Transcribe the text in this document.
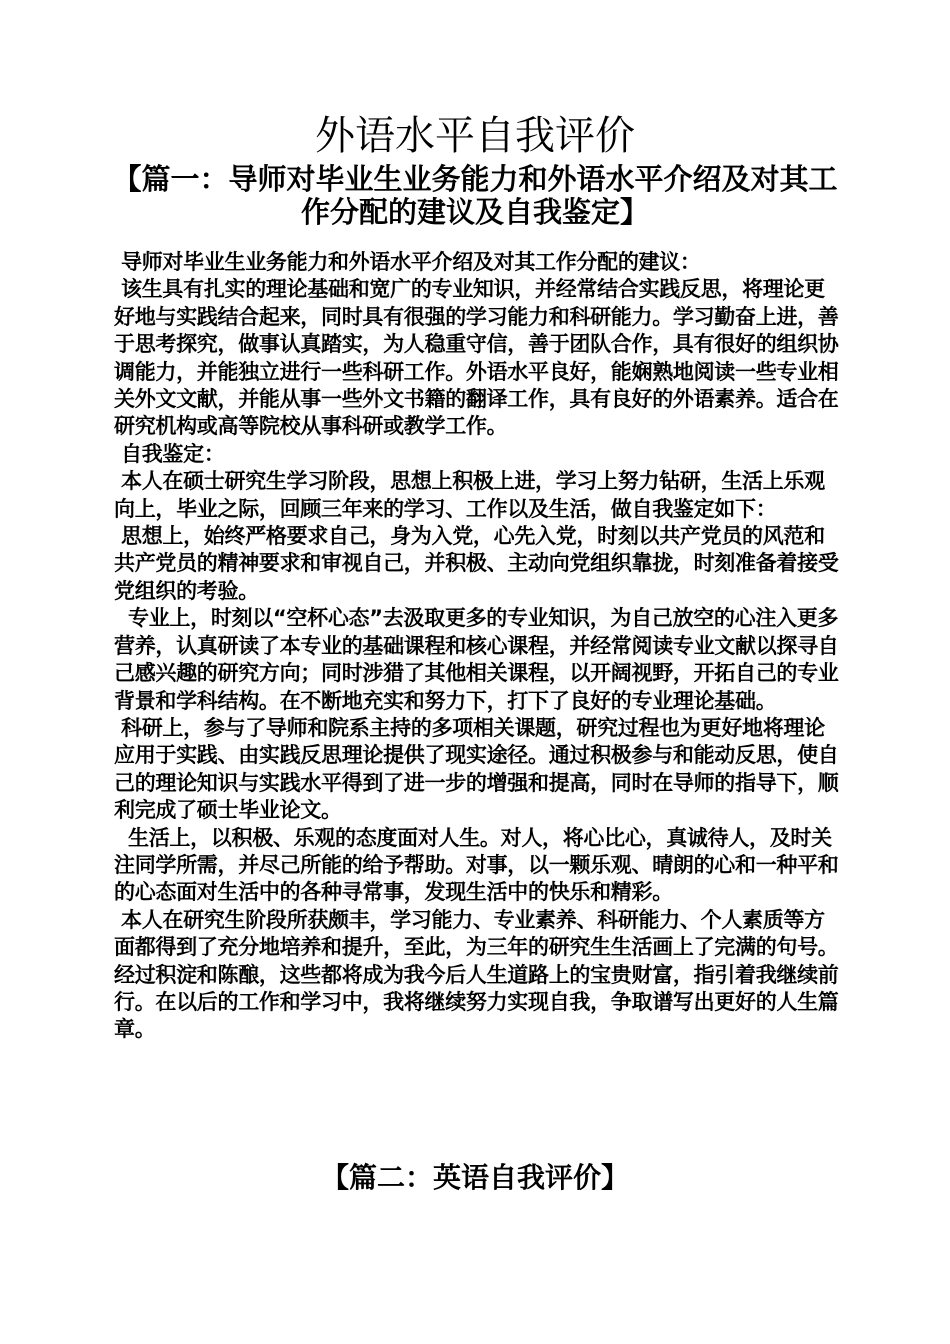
外语水平自我评价
【篇一：导师对毕业生业务能力和外语水平介绍及对其工作分配的建议及自我鉴定】

导师对毕业生业务能力和外语水平介绍及对其工作分配的建议：

该生具有扎实的理论基础和宽广的专业知识，并经常结合实践反思，将理论更好地与实践结合起来，同时具有很强的学习能力和科研能力。学习勤奋上进，善于思考探究，做事认真踏实，为人稳重守信，善于团队合作，具有很好的组织协调能力，并能独立进行一些科研工作。外语水平良好，能娴熟地阅读一些专业相关外文文献，并能从事一些外文书籍的翻译工作，具有良好的外语素养。适合在研究机构或高等院校从事科研或教学工作。

自我鉴定：

本人在硕士研究生学习阶段，思想上积极上进，学习上努力钻研，生活上乐观向上，毕业之际，回顾三年来的学习、工作以及生活，做自我鉴定如下：

思想上，始终严格要求自己，身为入党，心先入党，时刻以共产党员的风范和共产党员的精神要求和审视自己，并积极、主动向党组织靠拢，时刻准备着接受党组织的考验。

专业上，时刻以“空杯心态”去汲取更多的专业知识，为自己放空的心注入更多营养，认真研读了本专业的基础课程和核心课程，并经常阅读专业文献以探寻自己感兴趣的研究方向；同时涉猎了其他相关课程，以开阔视野，开拓自己的专业背景和学科结构。在不断地充实和努力下，打下了良好的专业理论基础。

科研上，参与了导师和院系主持的多项相关课题，研究过程也为更好地将理论应用于实践、由实践反思理论提供了现实途径。通过积极参与和能动反思，使自己的理论知识与实践水平得到了进一步的增强和提高，同时在导师的指导下，顺利完成了硕士毕业论文。

生活上，以积极、乐观的态度面对人生。对人，将心比心，真诚待人，及时关注同学所需，并尽己所能的给予帮助。对事，以一颗乐观、晴朗的心和一种平和的心态面对生活中的各种寻常事，发现生活中的快乐和精彩。

本人在研究生阶段所获颇丰，学习能力、专业素养、科研能力、个人素质等方面都得到了充分地培养和提升，至此，为三年的研究生生活画上了完满的句号。经过积淀和陈酿，这些都将成为我今后人生道路上的宝贵财富，指引着我继续前行。在以后的工作和学习中，我将继续努力实现自我，争取谱写出更好的人生篇章。

【篇二：英语自我评价】
